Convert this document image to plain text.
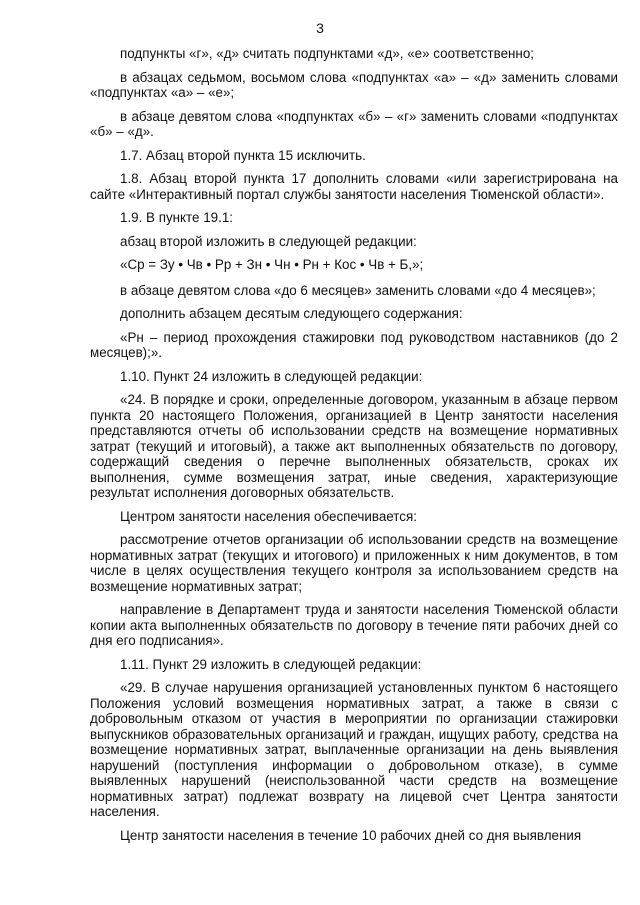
3

подпункты «г», «д» считать подпунктами «д», «е» соответственно;

в абзацах седьмом, восьмом слова «подпунктах «а» – «д» заменить словами «подпунктах «а» – «е»;

в абзаце девятом слова «подпунктах «б» – «г» заменить словами «подпунктах «б» – «д».

1.7. Абзац второй пункта 15 исключить.

1.8. Абзац второй пункта 17 дополнить словами «или зарегистрирована на сайте «Интерактивный портал службы занятости населения Тюменской области».

1.9. В пункте 19.1:

абзац второй изложить в следующей редакции:

«Ср = Зу • Чв • Рр + Зн • Чн • Рн + Кос • Чв + Б,»;

в абзаце девятом слова «до 6 месяцев» заменить словами «до 4 месяцев»;

дополнить абзацем десятым следующего содержания:

«Рн – период прохождения стажировки под руководством наставников (до 2 месяцев);».

1.10. Пункт 24 изложить в следующей редакции:

«24. В порядке и сроки, определенные договором, указанным в абзаце первом пункта 20 настоящего Положения, организацией в Центр занятости населения представляются отчеты об использовании средств на возмещение нормативных затрат (текущий и итоговый), а также акт выполненных обязательств по договору, содержащий сведения о перечне выполненных обязательств, сроках их выполнения, сумме возмещения затрат, иные сведения, характеризующие результат исполнения договорных обязательств.

Центром занятости населения обеспечивается:

рассмотрение отчетов организации об использовании средств на возмещение нормативных затрат (текущих и итогового) и приложенных к ним документов, в том числе в целях осуществления текущего контроля за использованием средств на возмещение нормативных затрат;

направление в Департамент труда и занятости населения Тюменской области копии акта выполненных обязательств по договору в течение пяти рабочих дней со дня его подписания».

1.11. Пункт 29 изложить в следующей редакции:

«29. В случае нарушения организацией установленных пунктом 6 настоящего Положения условий возмещения нормативных затрат, а также в связи с добровольным отказом от участия в мероприятии по организации стажировки выпускников образовательных организаций и граждан, ищущих работу, средства на возмещение нормативных затрат, выплаченные организации на день выявления нарушений (поступления информации о добровольном отказе), в сумме выявленных нарушений (неиспользованной части средств на возмещение нормативных затрат) подлежат возврату на лицевой счет Центра занятости населения.

Центр занятости населения в течение 10 рабочих дней со дня выявления
